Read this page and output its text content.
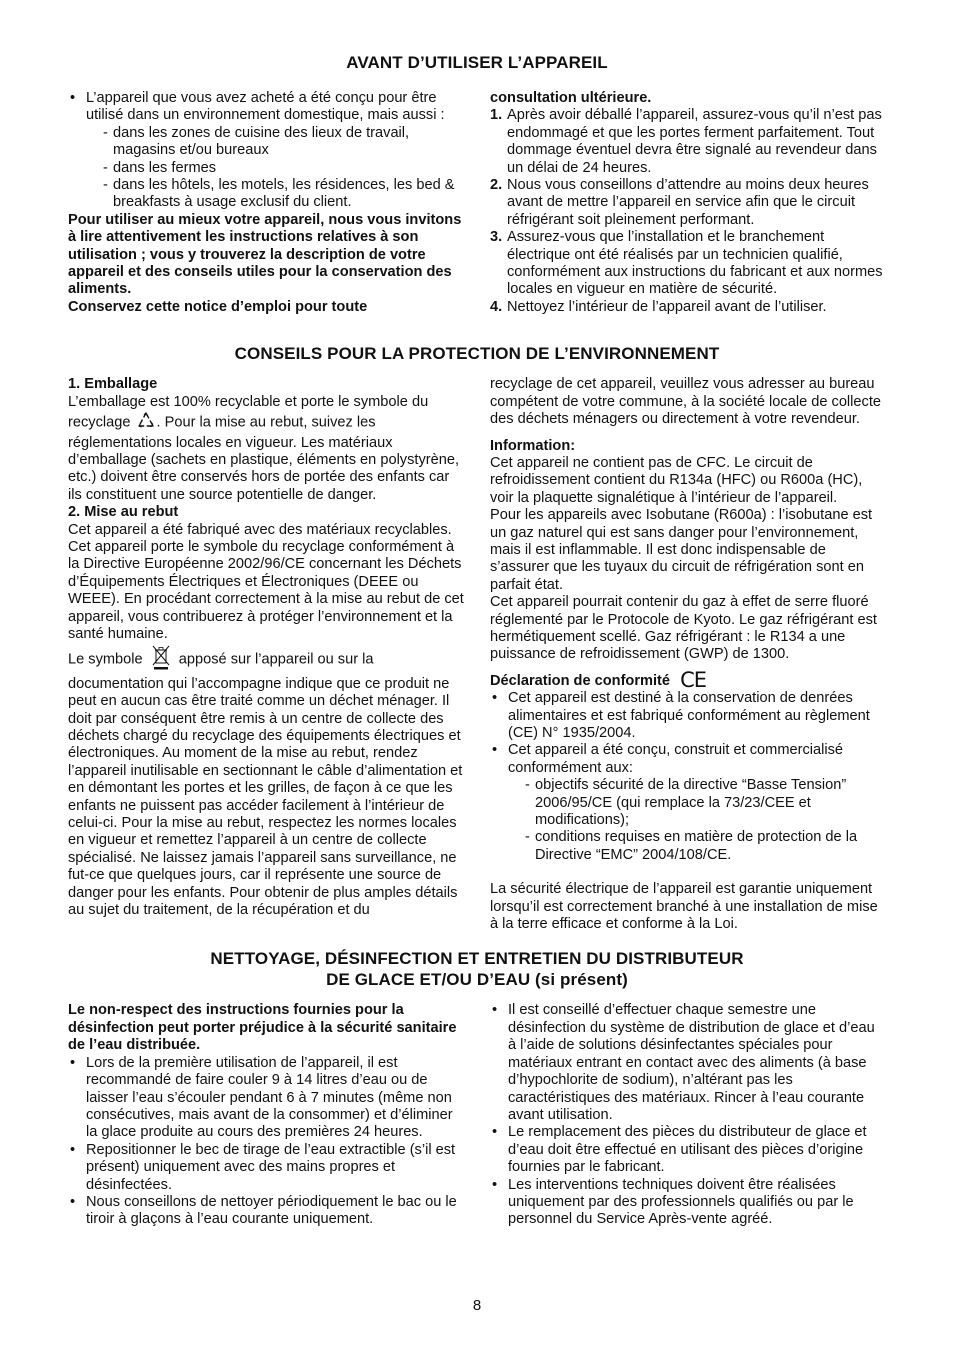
AVANT D’UTILISER L’APPAREIL
• L’appareil que vous avez acheté a été conçu pour être utilisé dans un environnement domestique, mais aussi :
- dans les zones de cuisine des lieux de travail, magasins et/ou bureaux
- dans les fermes
- dans les hôtels, les motels, les résidences, les bed & breakfasts à usage exclusif du client.

Pour utiliser au mieux votre appareil, nous vous invitons à lire attentivement les instructions relatives à son utilisation ; vous y trouverez la description de votre appareil et des conseils utiles pour la conservation des aliments.

Conservez cette notice d’emploi pour toute

consultation ultérieure.

1. Après avoir déballé l’appareil, assurez-vous qu’il n’est pas endommagé et que les portes ferment parfaitement. Tout dommage éventuel devra être signalé au revendeur dans un délai de 24 heures.
2. Nous vous conseillons d’attendre au moins deux heures avant de mettre l’appareil en service afin que le circuit réfrigérant soit pleinement performant.
3. Assurez-vous que l’installation et le branchement électrique ont été réalisés par un technicien qualifié, conformément aux instructions du fabricant et aux normes locales en vigueur en matière de sécurité.
4. Nettoyez l’intérieur de l’appareil avant de l’utiliser.
CONSEILS POUR LA PROTECTION DE L’ENVIRONNEMENT

1. Emballage

L’emballage est 100% recyclable et porte le symbole du recyclage . Pour la mise au rebut, suivez les réglementations locales en vigueur. Les matériaux d’emballage (sachets en plastique, éléments en polystyrène, etc.) doivent être conservés hors de portée des enfants car ils constituent une source potentielle de danger.

2. Mise au rebut

Cet appareil a été fabriqué avec des matériaux recyclables. Cet appareil porte le symbole du recyclage conformément à la Directive Européenne 2002/96/CE concernant les Déchets d’Équipements Électriques et Électroniques (DEEE ou WEEE). En procédant correctement à la mise au rebut de cet appareil, vous contribuerez à protéger l’environnement et la santé humaine.

Le symbole apposé sur l’appareil ou sur la documentation qui l’accompagne indique que ce produit ne peut en aucun cas être traité comme un déchet ménager. Il doit par conséquent être remis à un centre de collecte des déchets chargé du recyclage des équipements électriques et électroniques. Au moment de la mise au rebut, rendez l’appareil inutilisable en sectionnant le câble d’alimentation et en démontant les portes et les grilles, de façon à ce que les enfants ne puissent pas accéder facilement à l’intérieur de celui-ci. Pour la mise au rebut, respectez les normes locales en vigueur et remettez l’appareil à un centre de collecte spécialisé. Ne laissez jamais l’appareil sans surveillance, ne fut-ce que quelques jours, car il représente une source de danger pour les enfants. Pour obtenir de plus amples détails au sujet du traitement, de la récupération et du

recyclage de cet appareil, veuillez vous adresser au bureau compétent de votre commune, à la société locale de collecte des déchets ménagers ou directement à votre revendeur.

Information:

Cet appareil ne contient pas de CFC. Le circuit de refroidissement contient du R134a (HFC) ou R600a (HC), voir la plaquette signalétique à l’intérieur de l’appareil.

Pour les appareils avec Isobutane (R600a) : l’isobutane est un gaz naturel qui est sans danger pour l’environnement, mais il est inflammable. Il est donc indispensable de s’assurer que les tuyaux du circuit de réfrigération sont en parfait état.

Cet appareil pourrait contenir du gaz à effet de serre fluoré réglementé par le Protocole de Kyoto. Le gaz réfrigérant est hermétiquement scellé. Gaz réfrigérant : le R134 a une puissance de refroidissement (GWP) de 1300.

Déclaration de conformité CE

• Cet appareil est destiné à la conservation de denrées alimentaires et est fabriqué conformément au règlement (CE) N° 1935/2004.
• Cet appareil a été conçu, construit et commercialisé conformément aux:
- objectifs sécurité de la directive “Basse Tension” 2006/95/CE (qui remplace la 73/23/CEE et modifications);
- conditions requises en matière de protection de la Directive “EMC” 2004/108/CE.

La sécurité électrique de l’appareil est garantie uniquement lorsqu’il est correctement branché à une installation de mise à la terre efficace et conforme à la Loi.

NETTOYAGE, DÉSINFECTION ET ENTRETIEN DU DISTRIBUTEUR
DE GLACE ET/OU D’EAU (si présent)

Le non-respect des instructions fournies pour la désinfection peut porter préjudice à la sécurité sanitaire de l’eau distribuée.

• Lors de la première utilisation de l’appareil, il est recommandé de faire couler 9 à 14 litres d’eau ou de laisser l’eau s’écouler pendant 6 à 7 minutes (même non consécutives, mais avant de la consommer) et d’éliminer la glace produite au cours des premières 24 heures.
• Repositionner le bec de tirage de l’eau extractible (s’il est présent) uniquement avec des mains propres et désinfectées.
• Nous conseillons de nettoyer périodiquement le bac ou le tiroir à glaçons à l’eau courante uniquement.
• Il est conseillé d’effectuer chaque semestre une désinfection du système de distribution de glace et d’eau à l’aide de solutions désinfectantes spéciales pour matériaux entrant en contact avec des aliments (à base d’hypochlorite de sodium), n’altérant pas les caractéristiques des matériaux. Rincer à l’eau courante avant utilisation.
• Le remplacement des pièces du distributeur de glace et d’eau doit être effectué en utilisant des pièces d’origine fournies par le fabricant.
• Les interventions techniques doivent être réalisées uniquement par des professionnels qualifiés ou par le personnel du Service Après-vente agréé.
8
